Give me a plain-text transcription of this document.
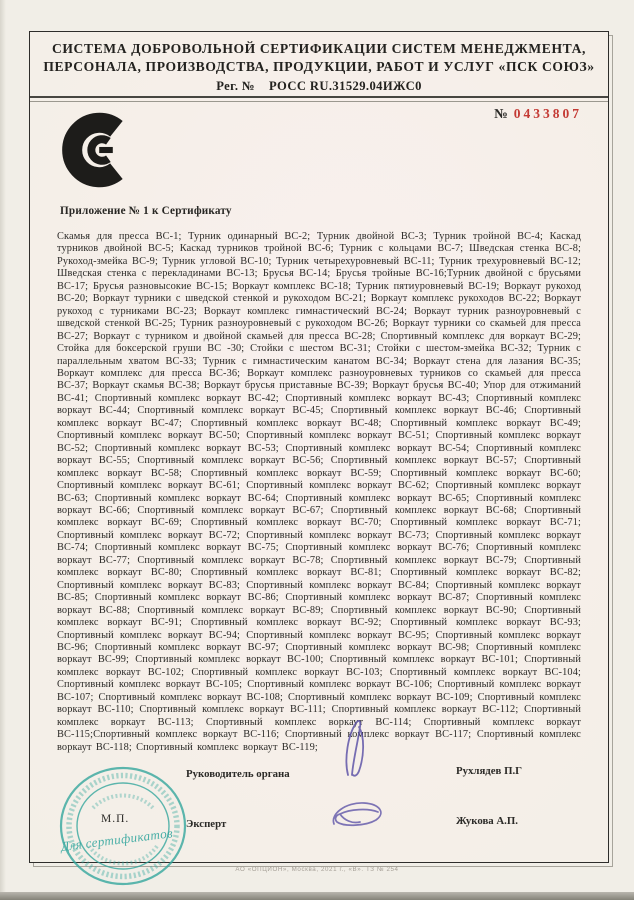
СИСТЕМА ДОБРОВОЛЬНОЙ СЕРТИФИКАЦИИ СИСТЕМ МЕНЕДЖМЕНТА,
ПЕРСОНАЛА, ПРОИЗВОДСТВА, ПРОДУКЦИИ, РАБОТ И УСЛУГ «ПСК СОЮЗ»
Рег. № РОСС RU.31529.04ИЖС0
№ 0433807
Приложение № 1 к Сертификату
Скамья для пресса ВС-1; Турник одинарный ВС-2; Турник двойной ВС-3; Турник тройной ВС-4; Каскад турников двойной ВС-5; Каскад турников тройной ВС-6; Турник с кольцами ВС-7; Шведская стенка ВС-8; Рукоход-змейка ВС-9; Турник угловой ВС-10; Турник четырехуровневый ВС-11; Турник трехуровневый ВС-12; Шведская стенка с перекладинами ВС-13; Брусья ВС-14; Брусья тройные ВС-16;Турник двойной с брусьями ВС-17; Брусья разновысокие ВС-15; Воркаут комплекс ВС-18; Турник пятиуровневый ВС-19; Воркаут рукоход ВС-20; Воркаут турники с шведской стенкой и рукоходом ВС-21; Воркаут комплекс рукоходов ВС-22; Воркаут рукоход с турниками ВС-23; Воркаут комплекс гимнастический ВС-24; Воркаут турник разноуровневый с шведской стенкой ВС-25; Турник разноуровневый с рукоходом ВС-26; Воркаут турники со скамьей для пресса ВС-27; Воркаут с турником и двойной скамьей для пресса ВС-28; Спортивный комплекс для воркаут ВС-29; Стойка для боксерской груши ВС -30; Стойки с шестом ВС-31; Стойки с шестом-змейка ВС-32; Турник с параллельным хватом ВС-33; Турник с гимнастическим канатом ВС-34; Воркаут стена для лазания ВС-35; Воркаут комплекс для пресса ВС-36; Воркаут комплекс разноуровневых турников со скамьей для пресса ВС-37; Воркаут скамья ВС-38; Воркаут брусья приставные ВС-39; Воркаут брусья ВС-40; Упор для отжиманий ВС-41; Спортивный комплекс воркаут ВС-42; Спортивный комплекс воркаут ВС-43; Спортивный комплекс воркаут ВС-44; Спортивный комплекс воркаут ВС-45; Спортивный комплекс воркаут ВС-46; Спортивный комплекс воркаут ВС-47; Спортивный комплекс воркаут ВС-48; Спортивный комплекс воркаут ВС-49; Спортивный комплекс воркаут ВС-50; Спортивный комплекс воркаут ВС-51; Спортивный комплекс воркаут ВС-52; Спортивный комплекс воркаут ВС-53; Спортивный комплекс воркаут ВС-54; Спортивный комплекс воркаут ВС-55; Спортивный комплекс воркаут ВС-56; Спортивный комплекс воркаут ВС-57; Спортивный комплекс воркаут ВС-58; Спортивный комплекс воркаут ВС-59; Спортивный комплекс воркаут ВС-60; Спортивный комплекс воркаут ВС-61; Спортивный комплекс воркаут ВС-62; Спортивный комплекс воркаут ВС-63; Спортивный комплекс воркаут ВС-64; Спортивный комплекс воркаут ВС-65; Спортивный комплекс воркаут ВС-66; Спортивный комплекс воркаут ВС-67; Спортивный комплекс воркаут ВС-68; Спортивный комплекс воркаут ВС-69; Спортивный комплекс воркаут ВС-70; Спортивный комплекс воркаут ВС-71; Спортивный комплекс воркаут ВС-72; Спортивный комплекс воркаут ВС-73; Спортивный комплекс воркаут ВС-74; Спортивный комплекс воркаут ВС-75; Спортивный комплекс воркаут ВС-76; Спортивный комплекс воркаут ВС-77; Спортивный комплекс воркаут ВС-78; Спортивный комплекс воркаут ВС-79; Спортивный комплекс воркаут ВС-80; Спортивный комплекс воркаут ВС-81; Спортивный комплекс воркаут ВС-82; Спортивный комплекс воркаут ВС-83; Спортивный комплекс воркаут ВС-84; Спортивный комплекс воркаут ВС-85; Спортивный комплекс воркаут ВС-86; Спортивный комплекс воркаут ВС-87; Спортивный комплекс воркаут ВС-88; Спортивный комплекс воркаут ВС-89; Спортивный комплекс воркаут ВС-90; Спортивный комплекс воркаут ВС-91; Спортивный комплекс воркаут ВС-92; Спортивный комплекс воркаут ВС-93; Спортивный комплекс воркаут ВС-94; Спортивный комплекс воркаут ВС-95; Спортивный комплекс воркаут ВС-96; Спортивный комплекс воркаут ВС-97; Спортивный комплекс воркаут ВС-98; Спортивный комплекс воркаут ВС-99; Спортивный комплекс воркаут ВС-100; Спортивный комплекс воркаут ВС-101; Спортивный комплекс воркаут ВС-102; Спортивный комплекс воркаут ВС-103; Спортивный комплекс воркаут ВС-104; Спортивный комплекс воркаут ВС-105; Спортивный комплекс воркаут ВС-106; Спортивный комплекс воркаут ВС-107; Спортивный комплекс воркаут ВС-108; Спортивный комплекс воркаут ВС-109; Спортивный комплекс воркаут ВС-110; Спортивный комплекс воркаут ВС-111; Спортивный комплекс воркаут ВС-112; Спортивный комплекс воркаут ВС-113; Спортивный комплекс воркаут ВС-114; Спортивный комплекс воркаут ВС-115;Спортивный комплекс воркаут ВС-116; Спортивный комплекс воркаут ВС-117; Спортивный комплекс воркаут ВС-118; Спортивный комплекс воркаут ВС-119;
Для сертификатов
М.П.
Руководитель органа	Рухлядев П.Г
Эксперт	Жукова А.П.
АО «ОПЦИОН», Москва, 2021 г., «В». ТЗ № 254
